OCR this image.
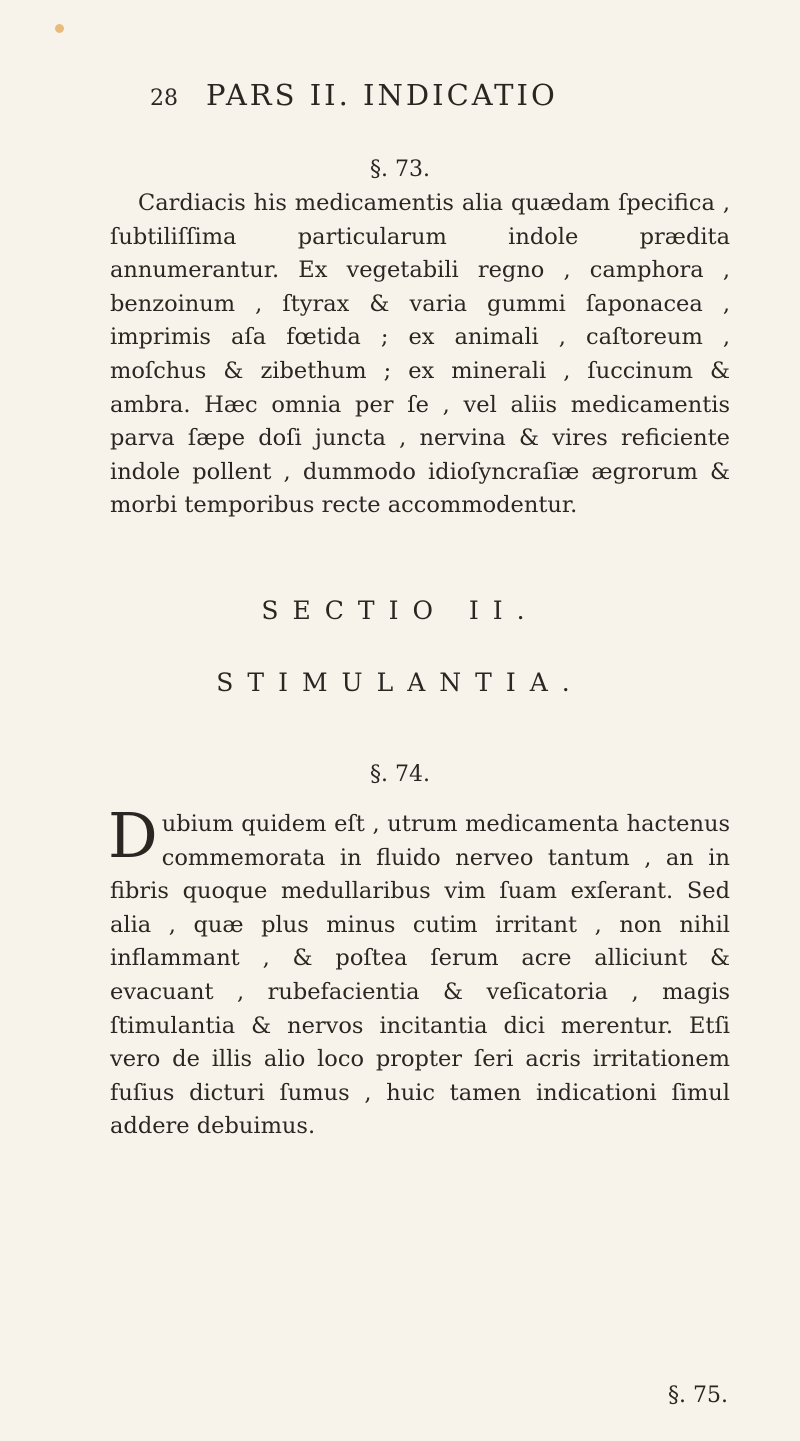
28 PARS II. INDICATIO
§. 73.
Cardiacis his medicamentis alia quædam ſpecifica , ſubtiliſſima particularum indole prædita annumerantur. Ex vegetabili regno , camphora , benzoinum , ſtyrax & varia gummi ſaponacea , imprimis aſa fœtida ; ex animali , caſtoreum , moſchus & zibethum ; ex minerali , ſuccinum & ambra. Hæc omnia per ſe , vel aliis medicamentis parva ſæpe doſi juncta , nervina & vires reficiente indole pollent , dummodo idioſyncraſiæ ægrorum & morbi temporibus recte accommodentur.
SECTIO II.
STIMULANTIA.
§. 74.
Dubium quidem eſt , utrum medicamenta hactenus commemorata in fluido nerveo tantum , an in fibris quoque medullaribus vim ſuam exſerant. Sed alia , quæ plus minus cutim irritant , non nihil inflammant , & poſtea ſerum acre alliciunt & evacuant , rubefacientia & veſicatoria , magis ſtimulantia & nervos incitantia dici merentur. Etſi vero de illis alio loco propter ſeri acris irritationem fuſius dicturi ſumus , huic tamen indicationi ſimul addere debuimus.
§. 75.
